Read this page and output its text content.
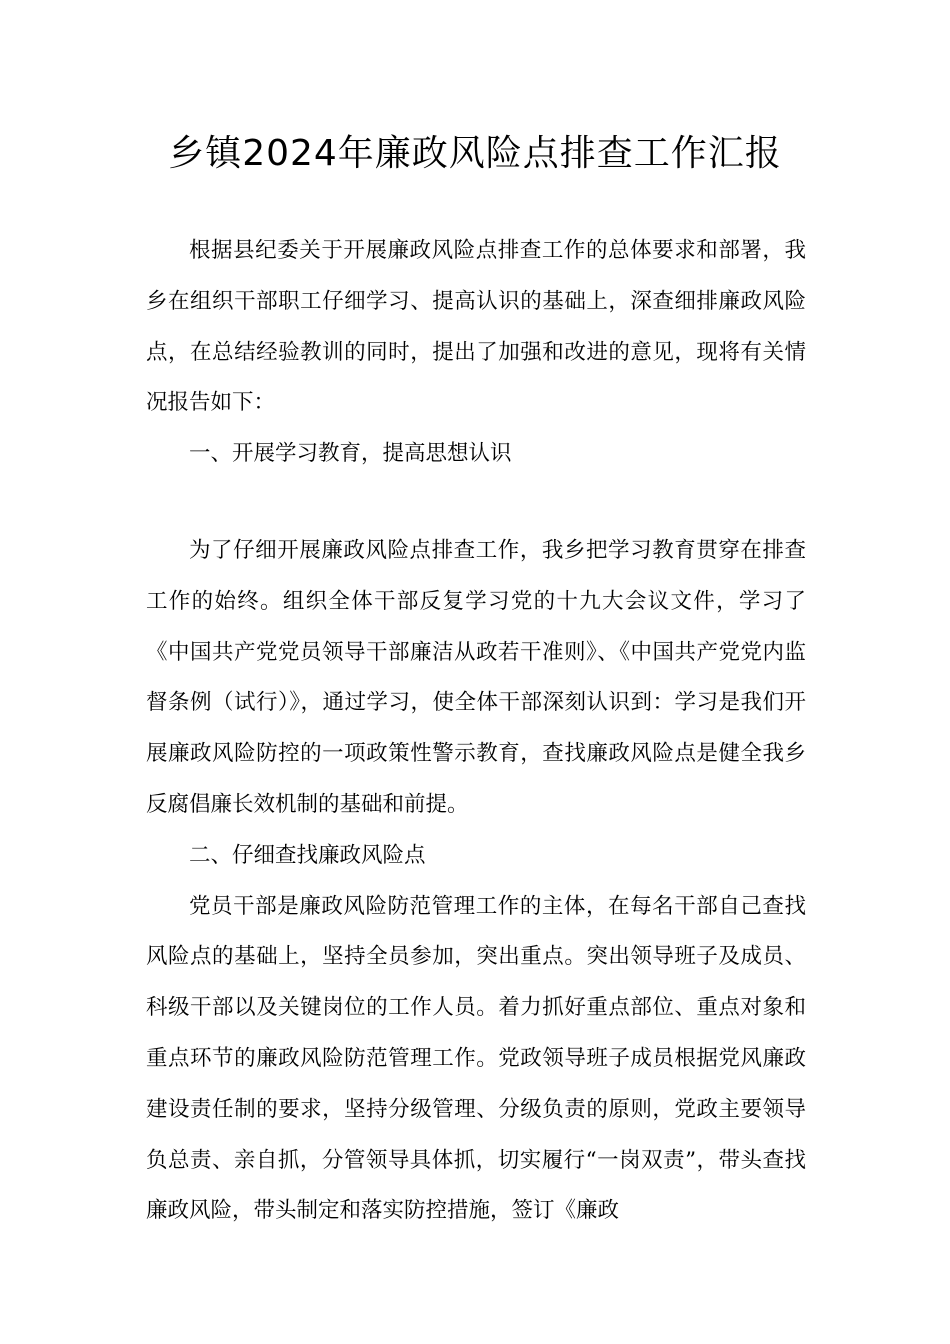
乡镇2024年廉政风险点排查工作汇报

根据县纪委关于开展廉政风险点排查工作的总体要求和部署，我乡在组织干部职工仔细学习、提高认识的基础上，深查细排廉政风险点，在总结经验教训的同时，提出了加强和改进的意见，现将有关情况报告如下：

一、开展学习教育，提高思想认识

为了仔细开展廉政风险点排查工作，我乡把学习教育贯穿在排查工作的始终。组织全体干部反复学习党的十九大会议文件，学习了《中国共产党党员领导干部廉洁从政若干准则》、《中国共产党党内监督条例（试行）》，通过学习，使全体干部深刻认识到：学习是我们开展廉政风险防控的一项政策性警示教育，查找廉政风险点是健全我乡反腐倡廉长效机制的基础和前提。

二、仔细查找廉政风险点

党员干部是廉政风险防范管理工作的主体，在每名干部自己查找风险点的基础上，坚持全员参加，突出重点。突出领导班子及成员、科级干部以及关键岗位的工作人员。着力抓好重点部位、重点对象和重点环节的廉政风险防范管理工作。党政领导班子成员根据党风廉政建设责任制的要求，坚持分级管理、分级负责的原则，党政主要领导负总责、亲自抓，分管领导具体抓，切实履行“一岗双责”，带头查找廉政风险，带头制定和落实防控措施，签订《廉政
